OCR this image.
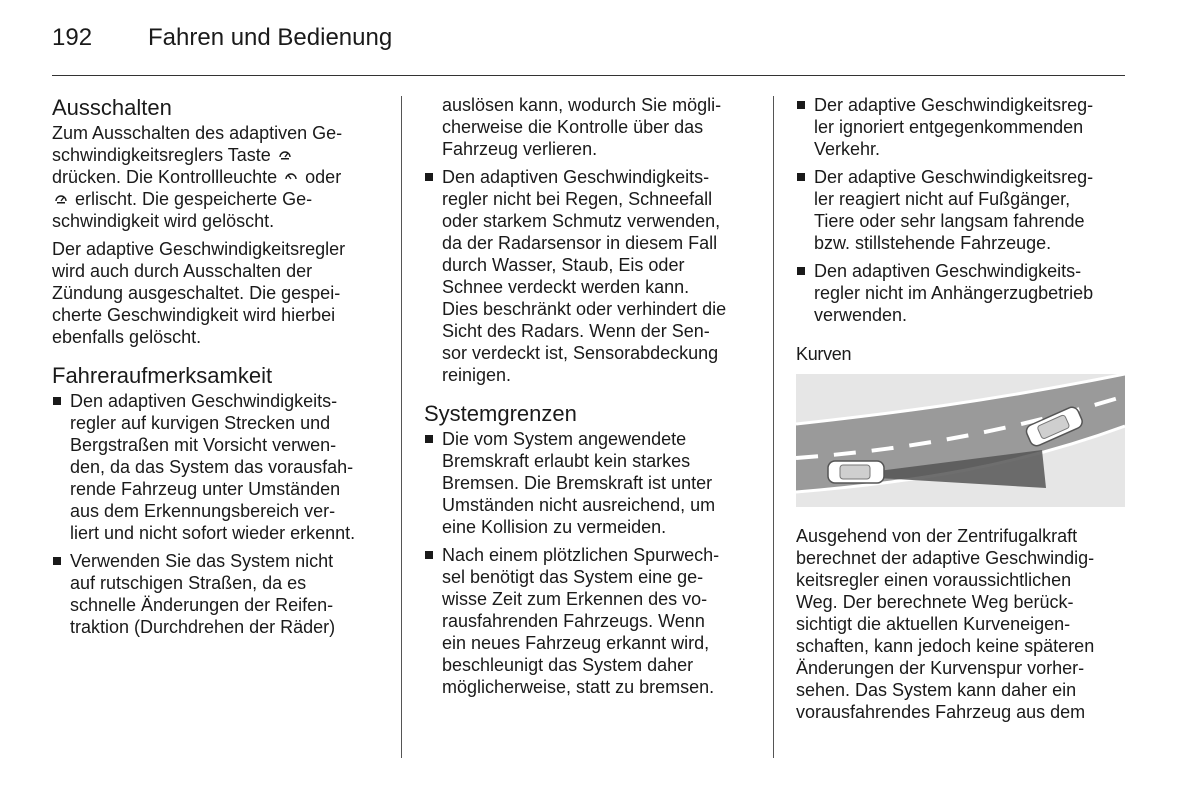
192 Fahren und Bedienung
Ausschalten
Zum Ausschalten des adaptiven Ge-
schwindigkeitsreglers Taste
drücken. Die Kontrollleuchte oder
erlischt. Die gespeicherte Ge-
schwindigkeit wird gelöscht.
Der adaptive Geschwindigkeitsregler
wird auch durch Ausschalten der
Zündung ausgeschaltet. Die gespei-
cherte Geschwindigkeit wird hierbei
ebenfalls gelöscht.
Fahreraufmerksamkeit
Den adaptiven Geschwindigkeits-
regler auf kurvigen Strecken und
Bergstraßen mit Vorsicht verwen-
den, da das System das vorausfah-
rende Fahrzeug unter Umständen
aus dem Erkennungsbereich ver-
liert und nicht sofort wieder erkennt.
Verwenden Sie das System nicht
auf rutschigen Straßen, da es
schnelle Änderungen der Reifen-
traktion (Durchdrehen der Räder)
auslösen kann, wodurch Sie mögli-
cherweise die Kontrolle über das
Fahrzeug verlieren.
Den adaptiven Geschwindigkeits-
regler nicht bei Regen, Schneefall
oder starkem Schmutz verwenden,
da der Radarsensor in diesem Fall
durch Wasser, Staub, Eis oder
Schnee verdeckt werden kann.
Dies beschränkt oder verhindert die
Sicht des Radars. Wenn der Sen-
sor verdeckt ist, Sensorabdeckung
reinigen.
Systemgrenzen
Die vom System angewendete
Bremskraft erlaubt kein starkes
Bremsen. Die Bremskraft ist unter
Umständen nicht ausreichend, um
eine Kollision zu vermeiden.
Nach einem plötzlichen Spurwech-
sel benötigt das System eine ge-
wisse Zeit zum Erkennen des vo-
rausfahrenden Fahrzeugs. Wenn
ein neues Fahrzeug erkannt wird,
beschleunigt das System daher
möglicherweise, statt zu bremsen.
Der adaptive Geschwindigkeitsreg-
ler ignoriert entgegenkommenden
Verkehr.
Der adaptive Geschwindigkeitsreg-
ler reagiert nicht auf Fußgänger,
Tiere oder sehr langsam fahrende
bzw. stillstehende Fahrzeuge.
Den adaptiven Geschwindigkeits-
regler nicht im Anhängerzugbetrieb
verwenden.
Kurven
Ausgehend von der Zentrifugalkraft
berechnet der adaptive Geschwindig-
keitsregler einen voraussichtlichen
Weg. Der berechnete Weg berück-
sichtigt die aktuellen Kurveneigen-
schaften, kann jedoch keine späteren
Änderungen der Kurvenspur vorher-
sehen. Das System kann daher ein
vorausfahrendes Fahrzeug aus dem
